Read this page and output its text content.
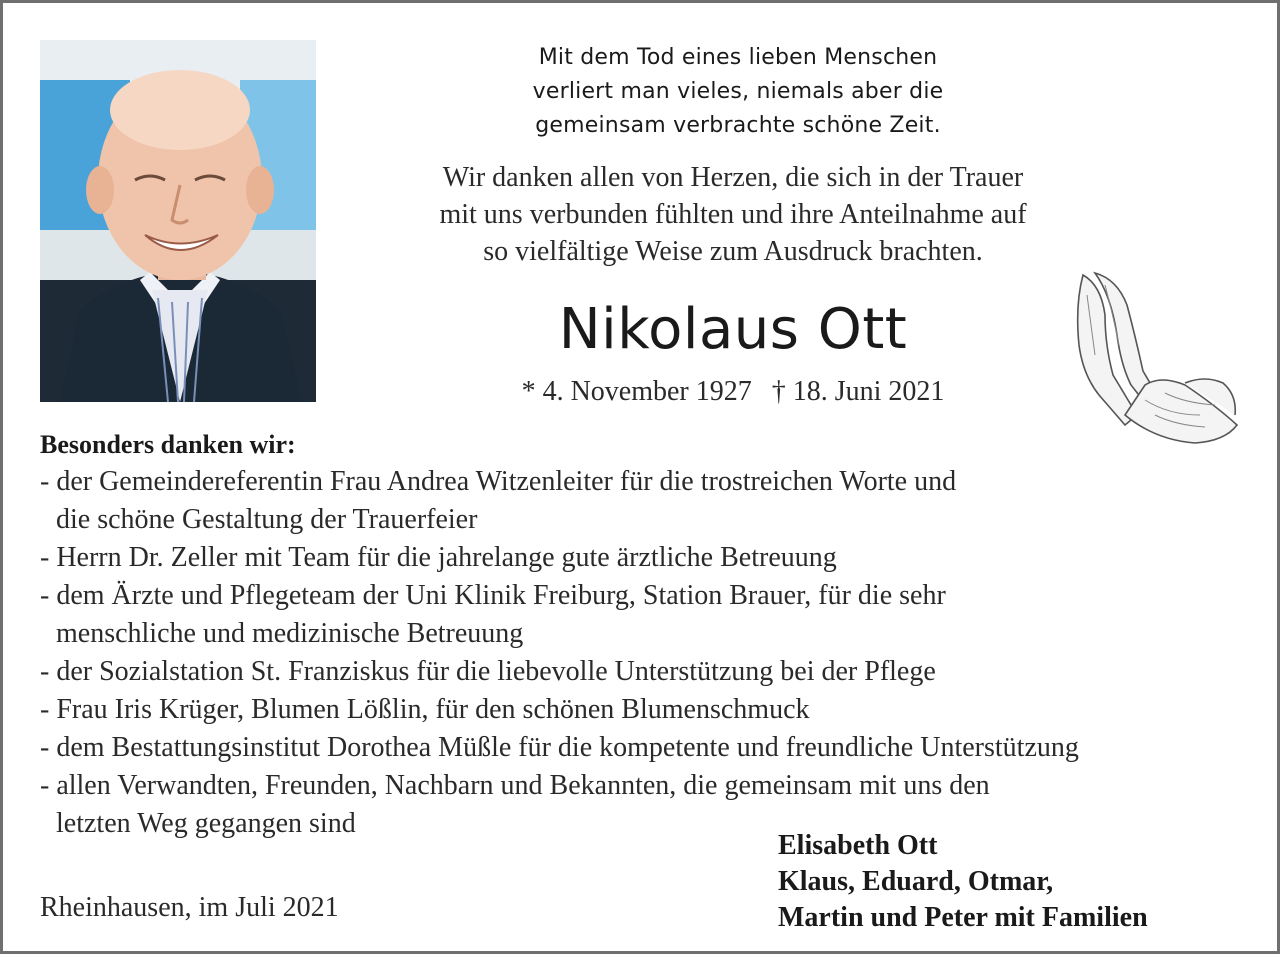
Mit dem Tod eines lieben Menschen
verliert man vieles, niemals aber die
gemeinsam verbrachte schöne Zeit.
Wir danken allen von Herzen, die sich in der Trauer
mit uns verbunden fühlten und ihre Anteilnahme auf
so vielfältige Weise zum Ausdruck brachten.
Nikolaus Ott
* 4. November 1927 † 18. Juni 2021
Besonders danken wir:
- der Gemeindereferentin Frau Andrea Witzenleiter für die trostreichen Worte und
die schöne Gestaltung der Trauerfeier
- Herrn Dr. Zeller mit Team für die jahrelange gute ärztliche Betreuung
- dem Ärzte und Pflegeteam der Uni Klinik Freiburg, Station Brauer, für die sehr
menschliche und medizinische Betreuung
- der Sozialstation St. Franziskus für die liebevolle Unterstützung bei der Pflege
- Frau Iris Krüger, Blumen Lößlin, für den schönen Blumenschmuck
- dem Bestattungsinstitut Dorothea Müßle für die kompetente und freundliche Unterstützung
- allen Verwandten, Freunden, Nachbarn und Bekannten, die gemeinsam mit uns den
letzten Weg gegangen sind
Rheinhausen, im Juli 2021
Elisabeth Ott
Klaus, Eduard, Otmar,
Martin und Peter mit Familien
